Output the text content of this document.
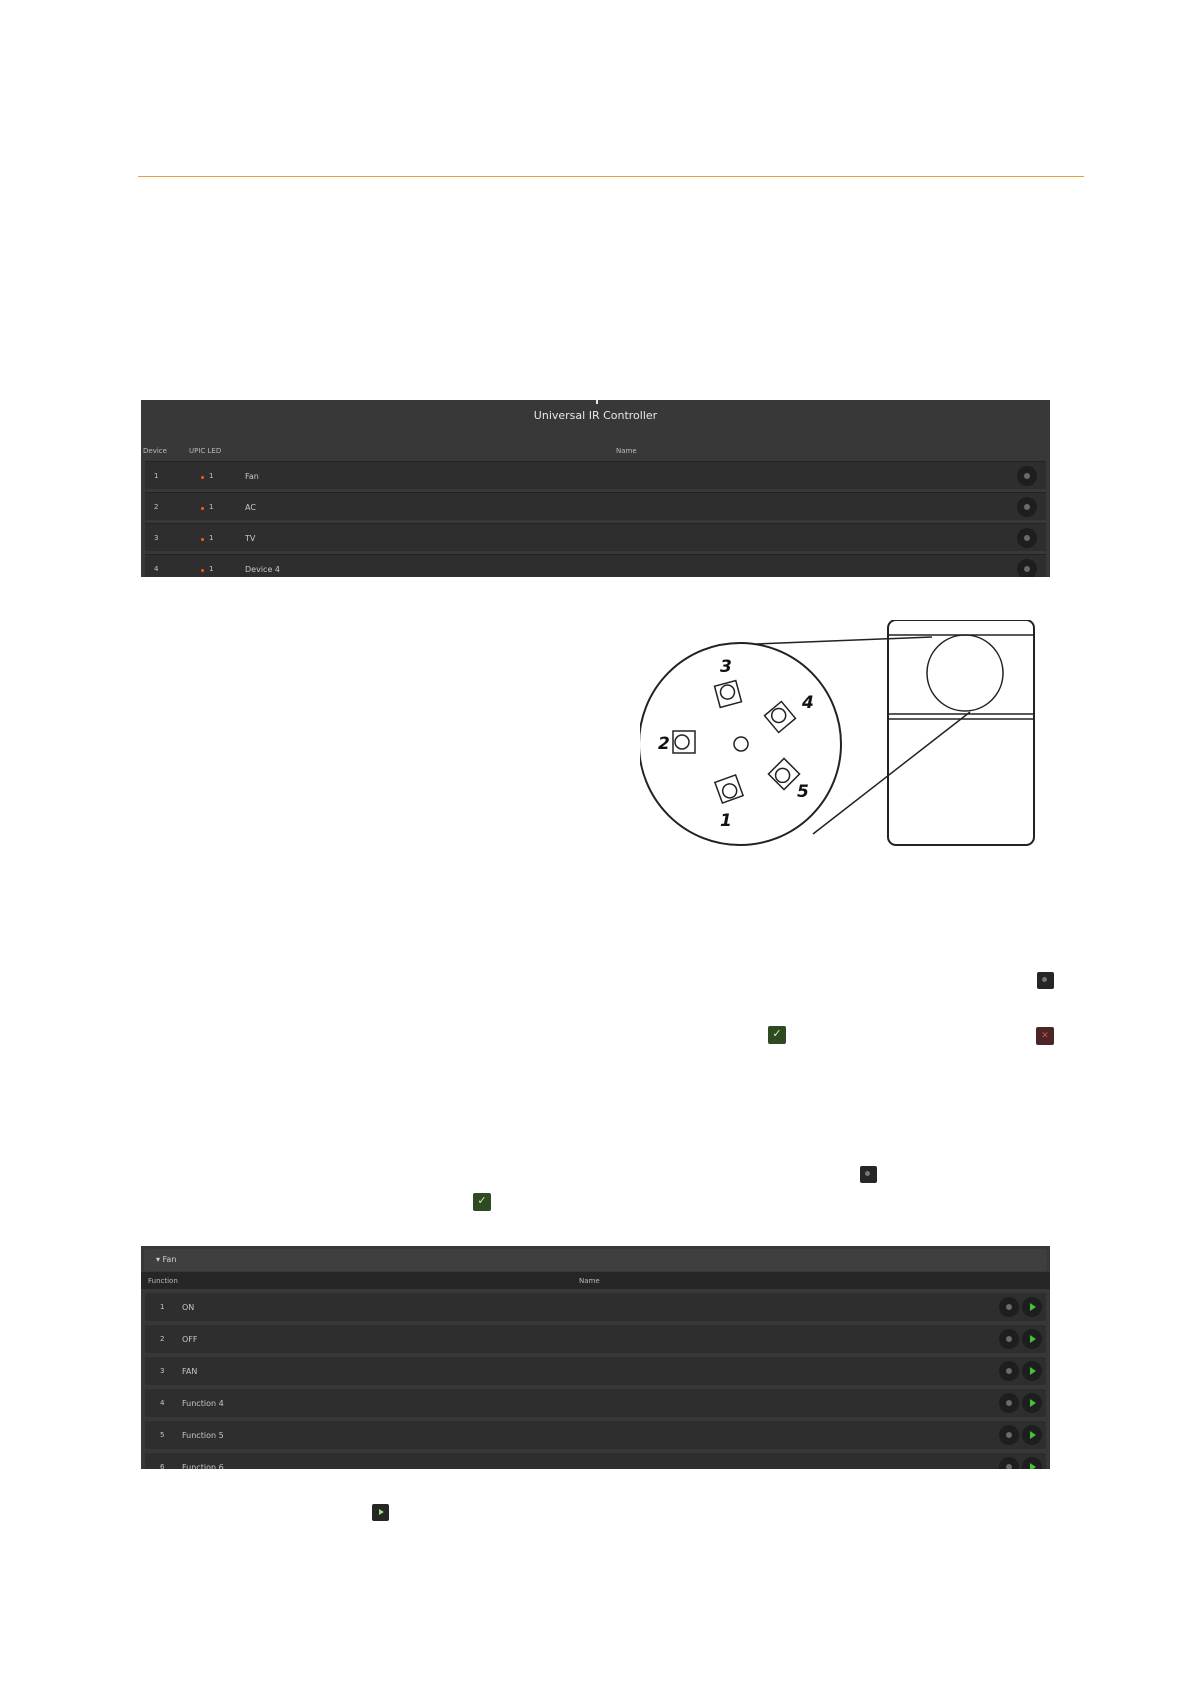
Universal IR Controller
Device	UPIC LED	Name
1	1	Fan
2	1	AC
3	1	TV
4	1	Device 4
1
2
3
4
5
✓	✕
✓
▾ Fan
Function	Name
1 ON
2 OFF
3 FAN
4 Function 4
5 Function 5
6 Function 6
